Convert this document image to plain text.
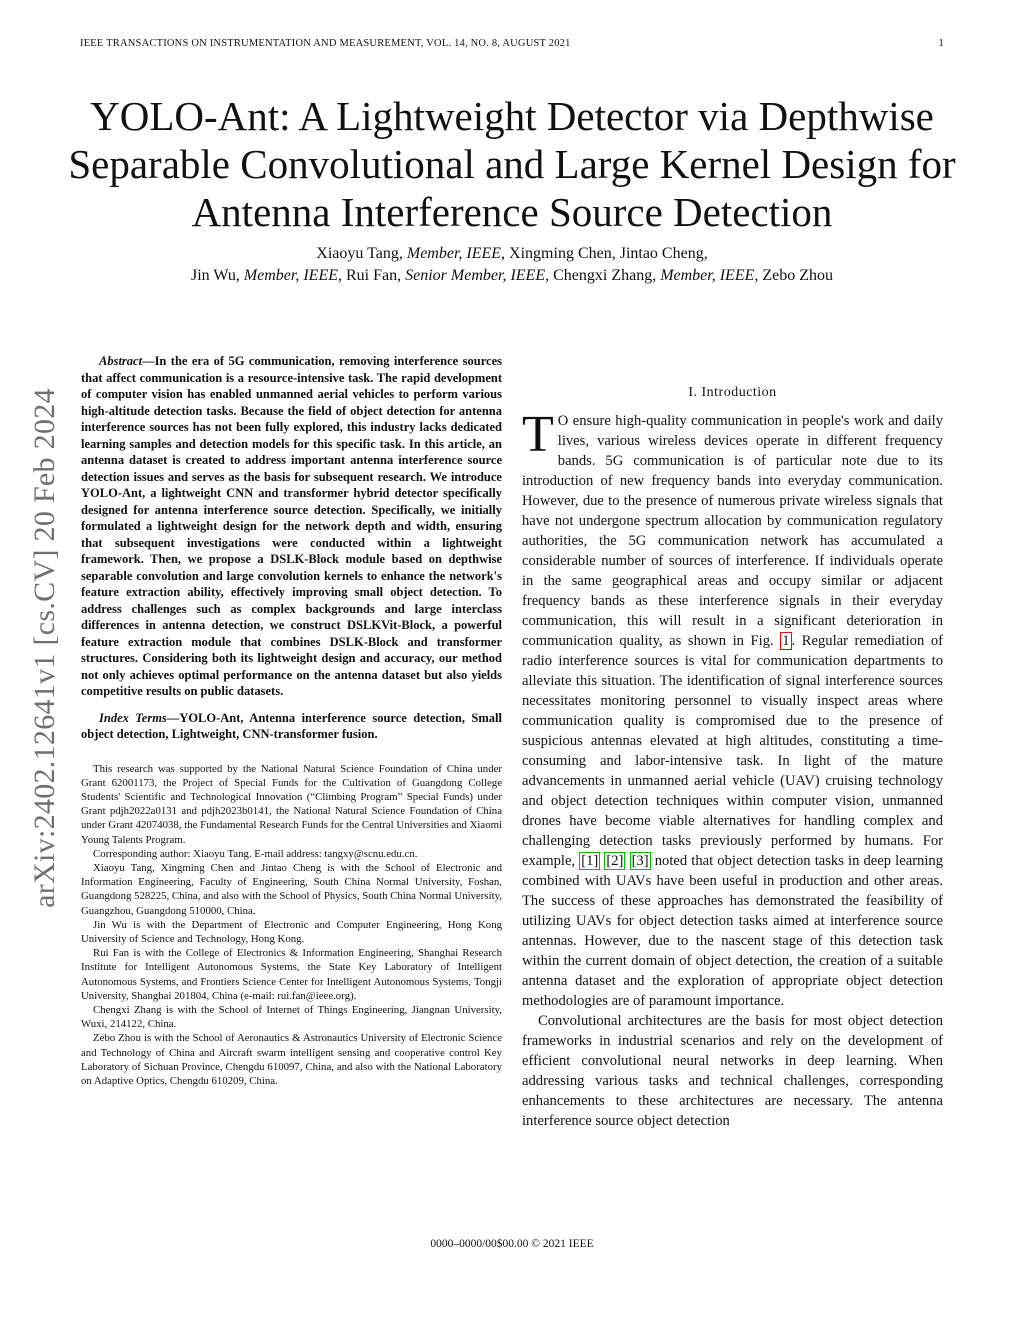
IEEE TRANSACTIONS ON INSTRUMENTATION AND MEASUREMENT, VOL. 14, NO. 8, AUGUST 2021	1
YOLO-Ant: A Lightweight Detector via Depthwise Separable Convolutional and Large Kernel Design for Antenna Interference Source Detection
Xiaoyu Tang, Member, IEEE, Xingming Chen, Jintao Cheng,
Jin Wu, Member, IEEE, Rui Fan, Senior Member, IEEE, Chengxi Zhang, Member, IEEE, Zebo Zhou
arXiv:2402.12641v1 [cs.CV] 20 Feb 2024

Abstract—In the era of 5G communication, removing interference sources that affect communication is a resource-intensive task. The rapid development of computer vision has enabled unmanned aerial vehicles to perform various high-altitude detection tasks. Because the field of object detection for antenna interference sources has not been fully explored, this industry lacks dedicated learning samples and detection models for this specific task. In this article, an antenna dataset is created to address important antenna interference source detection issues and serves as the basis for subsequent research. We introduce YOLO-Ant, a lightweight CNN and transformer hybrid detector specifically designed for antenna interference source detection. Specifically, we initially formulated a lightweight design for the network depth and width, ensuring that subsequent investigations were conducted within a lightweight framework. Then, we propose a DSLK-Block module based on depthwise separable convolution and large convolution kernels to enhance the network's feature extraction ability, effectively improving small object detection. To address challenges such as complex backgrounds and large interclass differences in antenna detection, we construct DSLKVit-Block, a powerful feature extraction module that combines DSLK-Block and transformer structures. Considering both its lightweight design and accuracy, our method not only achieves optimal performance on the antenna dataset but also yields competitive results on public datasets.

Index Terms—YOLO-Ant, Antenna interference source detection, Small object detection, Lightweight, CNN-transformer fusion.

This research was supported by the National Natural Science Foundation of China under Grant 62001173, the Project of Special Funds for the Cultivation of Guangdong College Students' Scientific and Technological Innovation (“Climbing Program” Special Funds) under Grant pdjh2022a0131 and pdjh2023b0141, the National Natural Science Foundation of China under Grant 42074038, the Fundamental Research Funds for the Central Universities and Xiaomi Young Talents Program.

Corresponding author: Xiaoyu Tang. E-mail address: tangxy@scnu.edu.cn.

Xiaoyu Tang, Xingming Chen and Jintao Cheng is with the School of Electronic and Information Engineering, Faculty of Engineering, South China Normal University, Foshan, Guangdong 528225, China, and also with the School of Physics, South China Normal University, Guangzhou, Guangdong 510000, China.

Jin Wu is with the Department of Electronic and Computer Engineering, Hong Kong University of Science and Technology, Hong Kong.

Rui Fan is with the College of Electronics & Information Engineering, Shanghai Research Institute for Intelligent Autonomous Systems, the State Key Laboratory of Intelligent Autonomous Systems, and Frontiers Science Center for Intelligent Autonomous Systems, Tongji University, Shanghai 201804, China (e-mail: rui.fan@ieee.org).

Chengxi Zhang is with the School of Internet of Things Engineering, Jiangnan University, Wuxi, 214122, China.

Zebo Zhou is with the School of Aeronautics & Astronautics University of Electronic Science and Technology of China and Aircraft swarm intelligent sensing and cooperative control Key Laboratory of Sichuan Province, Chengdu 610097, China, and also with the National Laboratory on Adaptive Optics, Chengdu 610209, China.

I. Introduction

T O ensure high-quality communication in people's work and daily lives, various wireless devices operate in different frequency bands. 5G communication is of particular note due to its introduction of new frequency bands into everyday communication. However, due to the presence of numerous private wireless signals that have not undergone spectrum allocation by communication regulatory authorities, the 5G communication network has accumulated a considerable number of sources of interference. If individuals operate in the same geographical areas and occupy similar or adjacent frequency bands as these interference signals in their everyday communication, this will result in a significant deterioration in communication quality, as shown in Fig. 1 . Regular remediation of radio interference sources is vital for communication departments to alleviate this situation. The identification of signal interference sources necessitates monitoring personnel to visually inspect areas where communication quality is compromised due to the presence of suspicious antennas elevated at high altitudes, constituting a time-consuming and labor-intensive task. In light of the mature advancements in unmanned aerial vehicle (UAV) cruising technology and object detection techniques within computer vision, unmanned drones have become viable alternatives for handling complex and challenging detection tasks previously performed by humans. For example, [1] [2] [3] noted that object detection tasks in deep learning combined with UAVs have been useful in production and other areas. The success of these approaches has demonstrated the feasibility of utilizing UAVs for object detection tasks aimed at interference source antennas. However, due to the nascent stage of this detection task within the current domain of object detection, the creation of a suitable antenna dataset and the exploration of appropriate object detection methodologies are of paramount importance.

Convolutional architectures are the basis for most object detection frameworks in industrial scenarios and rely on the development of efficient convolutional neural networks in deep learning. When addressing various tasks and technical challenges, corresponding enhancements to these architectures are necessary. The antenna interference source object detection

0000–0000/00$00.00 © 2021 IEEE
